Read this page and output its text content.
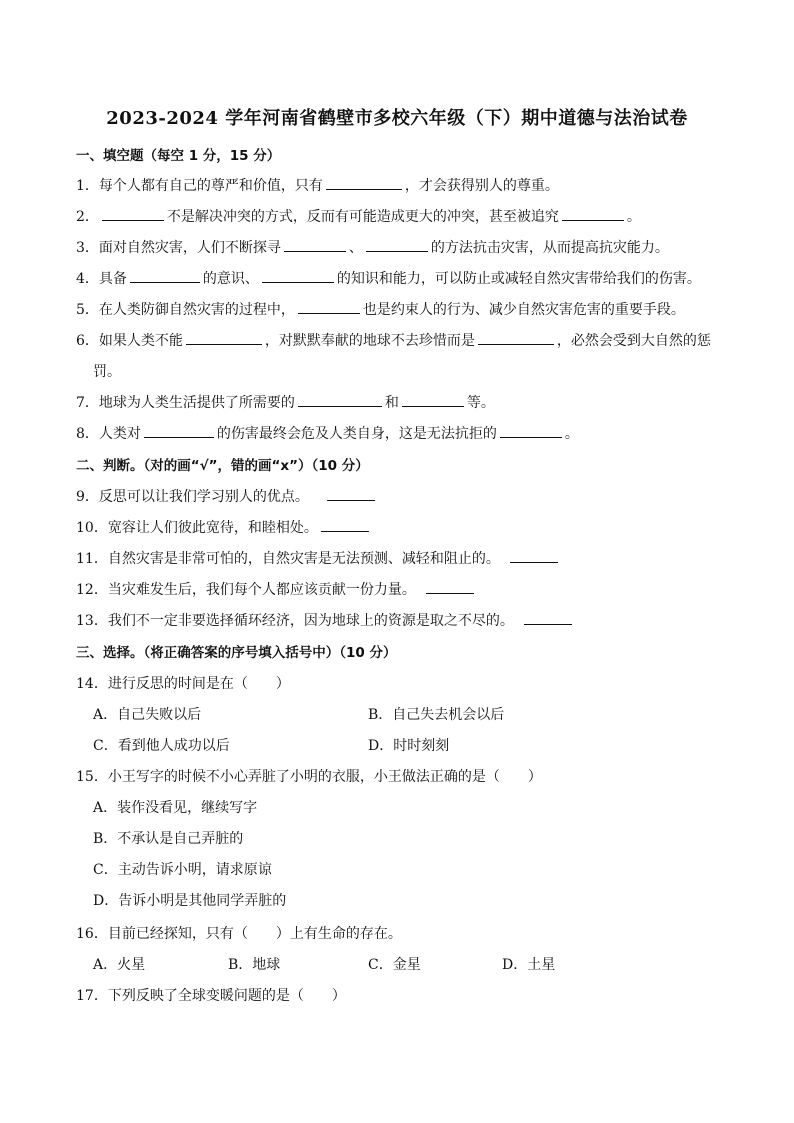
2023-2024 学年河南省鹤壁市多校六年级（下）期中道德与法治试卷
一、填空题（每空 1 分，15 分）
1．每个人都有自己的尊严和价值，只有	，才会获得别人的尊重。
2．	不是解决冲突的方式，反而有可能造成更大的冲突，甚至被追究	。
3．面对自然灾害，人们不断探寻	、	的方法抗击灾害，从而提高抗灾能力。
4．具备	的意识、	的知识和能力，可以防止或减轻自然灾害带给我们的伤害。
5．在人类防御自然灾害的过程中，	也是约束人的行为、减少自然灾害危害的重要手段。
6．如果人类不能	，对默默奉献的地球不去珍惜而是	，必然会受到大自然的惩
罚。
7．地球为人类生活提供了所需要的	和	等。
8．人类对	的伤害最终会危及人类自身，这是无法抗拒的	。
二、判断。（对的画“√”，错的画“x”）（10 分）
9．反思可以让我们学习别人的优点。
10．宽容让人们彼此宽待，和睦相处。
11．自然灾害是非常可怕的，自然灾害是无法预测、减轻和阻止的。
12．当灾难发生后，我们每个人都应该贡献一份力量。
13．我们不一定非要选择循环经济，因为地球上的资源是取之不尽的。
三、选择。（将正确答案的序号填入括号中）（10 分）
14．进行反思的时间是在（　　）
A．自己失败以后	B．自己失去机会以后
C．看到他人成功以后	D．时时刻刻
15．小王写字的时候不小心弄脏了小明的衣服，小王做法正确的是（　　）
A．装作没看见，继续写字
B．不承认是自己弄脏的
C．主动告诉小明，请求原谅
D．告诉小明是其他同学弄脏的
16．目前已经探知，只有（　　）上有生命的存在。
A．火星	B．地球	C．金星	D．土星
17．下列反映了全球变暖问题的是（　　）
